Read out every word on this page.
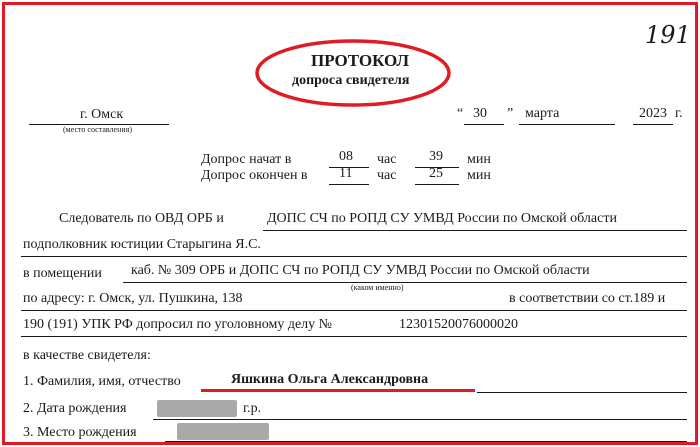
191
ПРОТОКОЛ
допроса свидетеля
г. Омск
(место составления)
“ 30 ” марта	2023 г.
Допрос начат в	08 час 39 мин
Допрос окончен в 11 час 25 мин
Следователь по ОВД ОРБ и	ДОПС СЧ по РОПД СУ УМВД России по Омской области
подполковник юстиции Старыгина Я.С.
в помещении каб. № 309 ОРБ и ДОПС СЧ по РОПД СУ УМВД России по Омской области
(каком именно)
по адресу: г. Омск, ул. Пушкина, 138	в соответствии со ст.189 и
190 (191) УПК РФ допросил по уголовному делу №	12301520076000020
в качестве свидетеля:
1. Фамилия, имя, отчество	Яшкина Ольга Александровна
2. Дата рождения	г.р.
3. Место рождения
